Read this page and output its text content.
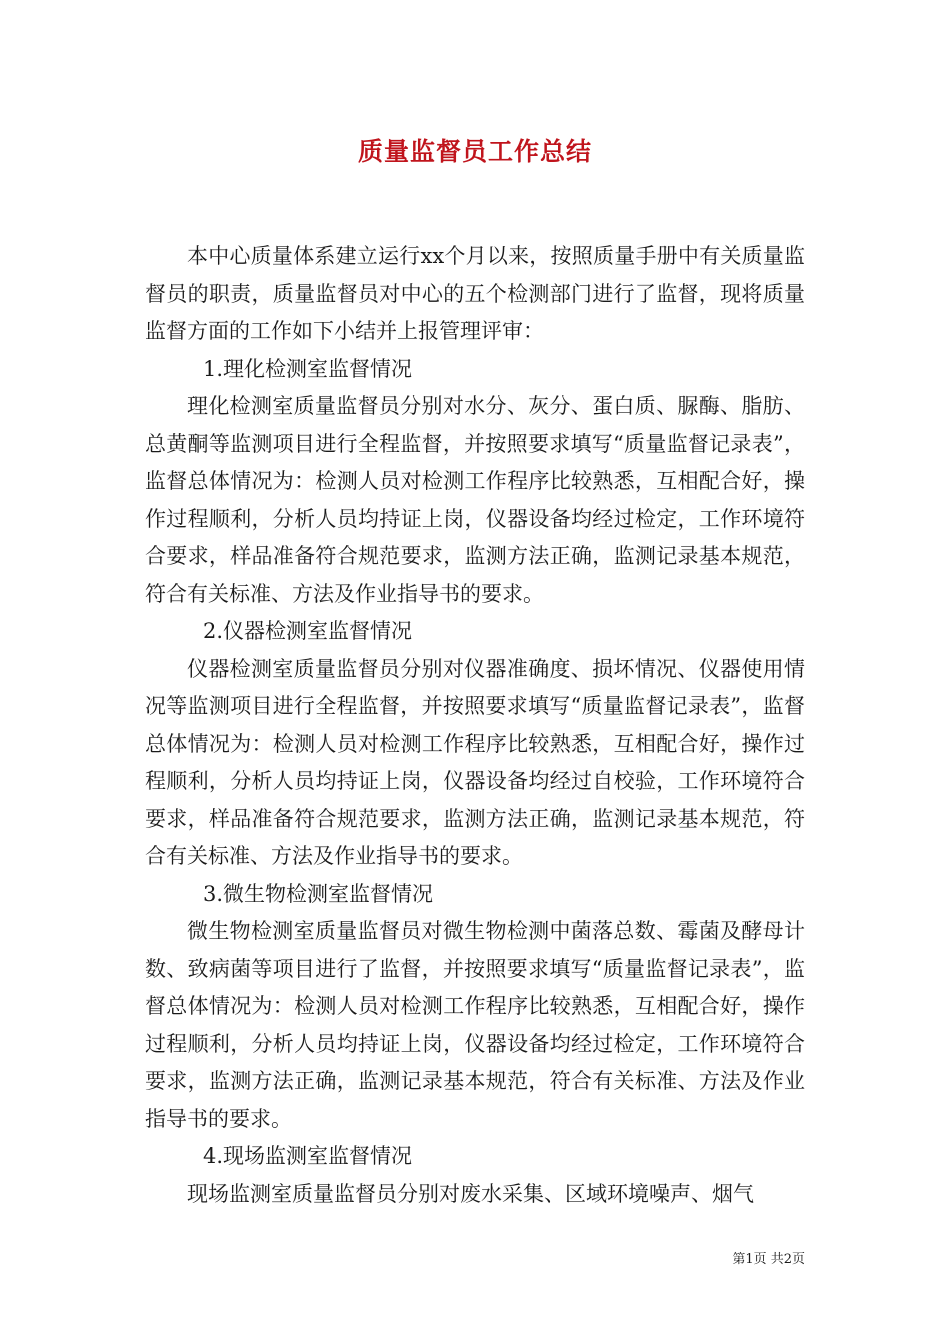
质量监督员工作总结

本中心质量体系建立运行xx个月以来，按照质量手册中有关质量监督员的职责，质量监督员对中心的五个检测部门进行了监督，现将质量监督方面的工作如下小结并上报管理评审：

1.理化检测室监督情况

理化检测室质量监督员分别对水分、灰分、蛋白质、脲酶、脂肪、总黄酮等监测项目进行全程监督，并按照要求填写“质量监督记录表”，监督总体情况为：检测人员对检测工作程序比较熟悉，互相配合好，操作过程顺利，分析人员均持证上岗，仪器设备均经过检定，工作环境符合要求，样品准备符合规范要求，监测方法正确，监测记录基本规范，符合有关标准、方法及作业指导书的要求。

2.仪器检测室监督情况

仪器检测室质量监督员分别对仪器准确度、损坏情况、仪器使用情况等监测项目进行全程监督，并按照要求填写“质量监督记录表”，监督总体情况为：检测人员对检测工作程序比较熟悉，互相配合好，操作过程顺利，分析人员均持证上岗，仪器设备均经过自校验，工作环境符合要求，样品准备符合规范要求，监测方法正确，监测记录基本规范，符合有关标准、方法及作业指导书的要求。

3.微生物检测室监督情况

微生物检测室质量监督员对微生物检测中菌落总数、霉菌及酵母计数、致病菌等项目进行了监督，并按照要求填写“质量监督记录表”，监督总体情况为：检测人员对检测工作程序比较熟悉，互相配合好，操作过程顺利，分析人员均持证上岗，仪器设备均经过检定，工作环境符合要求，监测方法正确，监测记录基本规范，符合有关标准、方法及作业指导书的要求。

4.现场监测室监督情况

现场监测室质量监督员分别对废水采集、区域环境噪声、烟气

第1页 共2页
